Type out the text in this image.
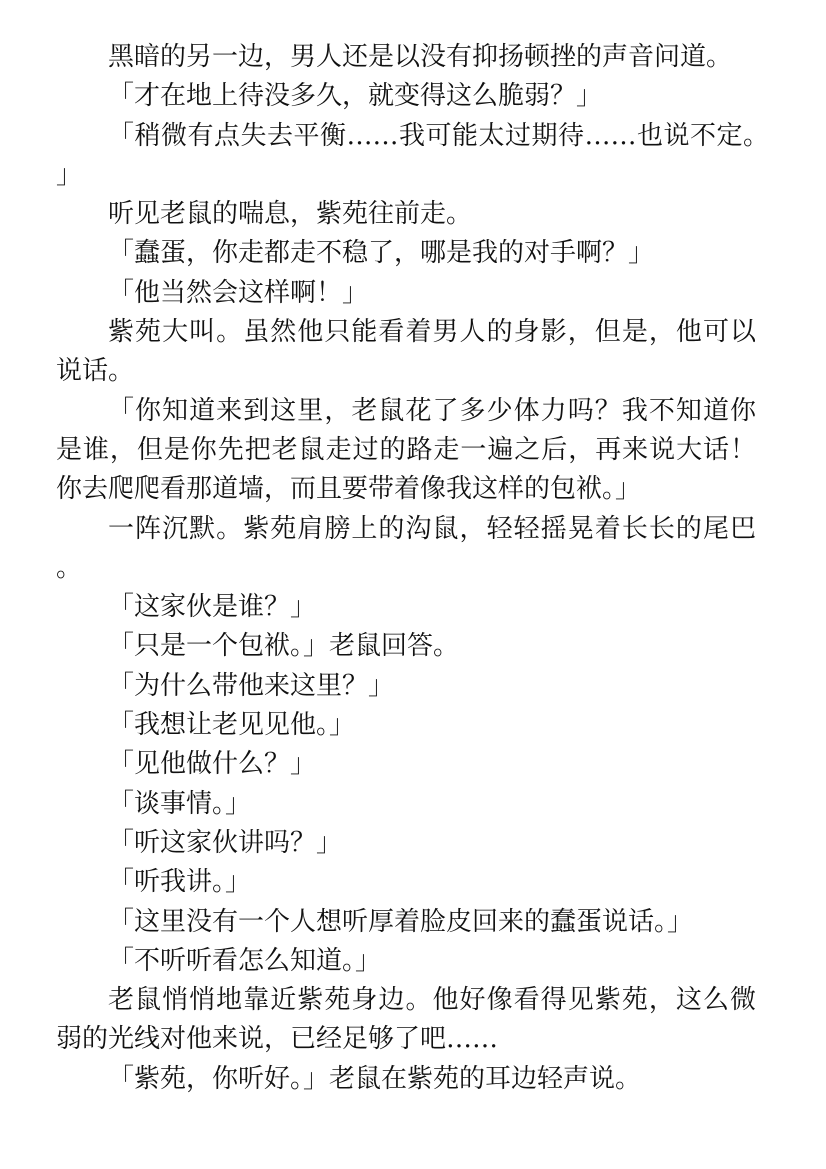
黑暗的另一边，男人还是以没有抑扬顿挫的声音问道。

「才在地上待没多久，就变得这么脆弱？」

「稍微有点失去平衡……我可能太过期待……也说不定。」

听见老鼠的喘息，紫苑往前走。

「蠢蛋，你走都走不稳了，哪是我的对手啊？」

「他当然会这样啊！」

紫苑大叫。虽然他只能看着男人的身影，但是，他可以说话。

「你知道来到这里，老鼠花了多少体力吗？我不知道你是谁，但是你先把老鼠走过的路走一遍之后，再来说大话！你去爬爬看那道墙，而且要带着像我这样的包袱。」

一阵沉默。紫苑肩膀上的沟鼠，轻轻摇晃着长长的尾巴。

「这家伙是谁？」

「只是一个包袱。」老鼠回答。

「为什么带他来这里？」

「我想让老见见他。」

「见他做什么？」

「谈事情。」

「听这家伙讲吗？」

「听我讲。」

「这里没有一个人想听厚着脸皮回来的蠢蛋说话。」

「不听听看怎么知道。」

老鼠悄悄地靠近紫苑身边。他好像看得见紫苑，这么微弱的光线对他来说，已经足够了吧……

「紫苑，你听好。」老鼠在紫苑的耳边轻声说。
